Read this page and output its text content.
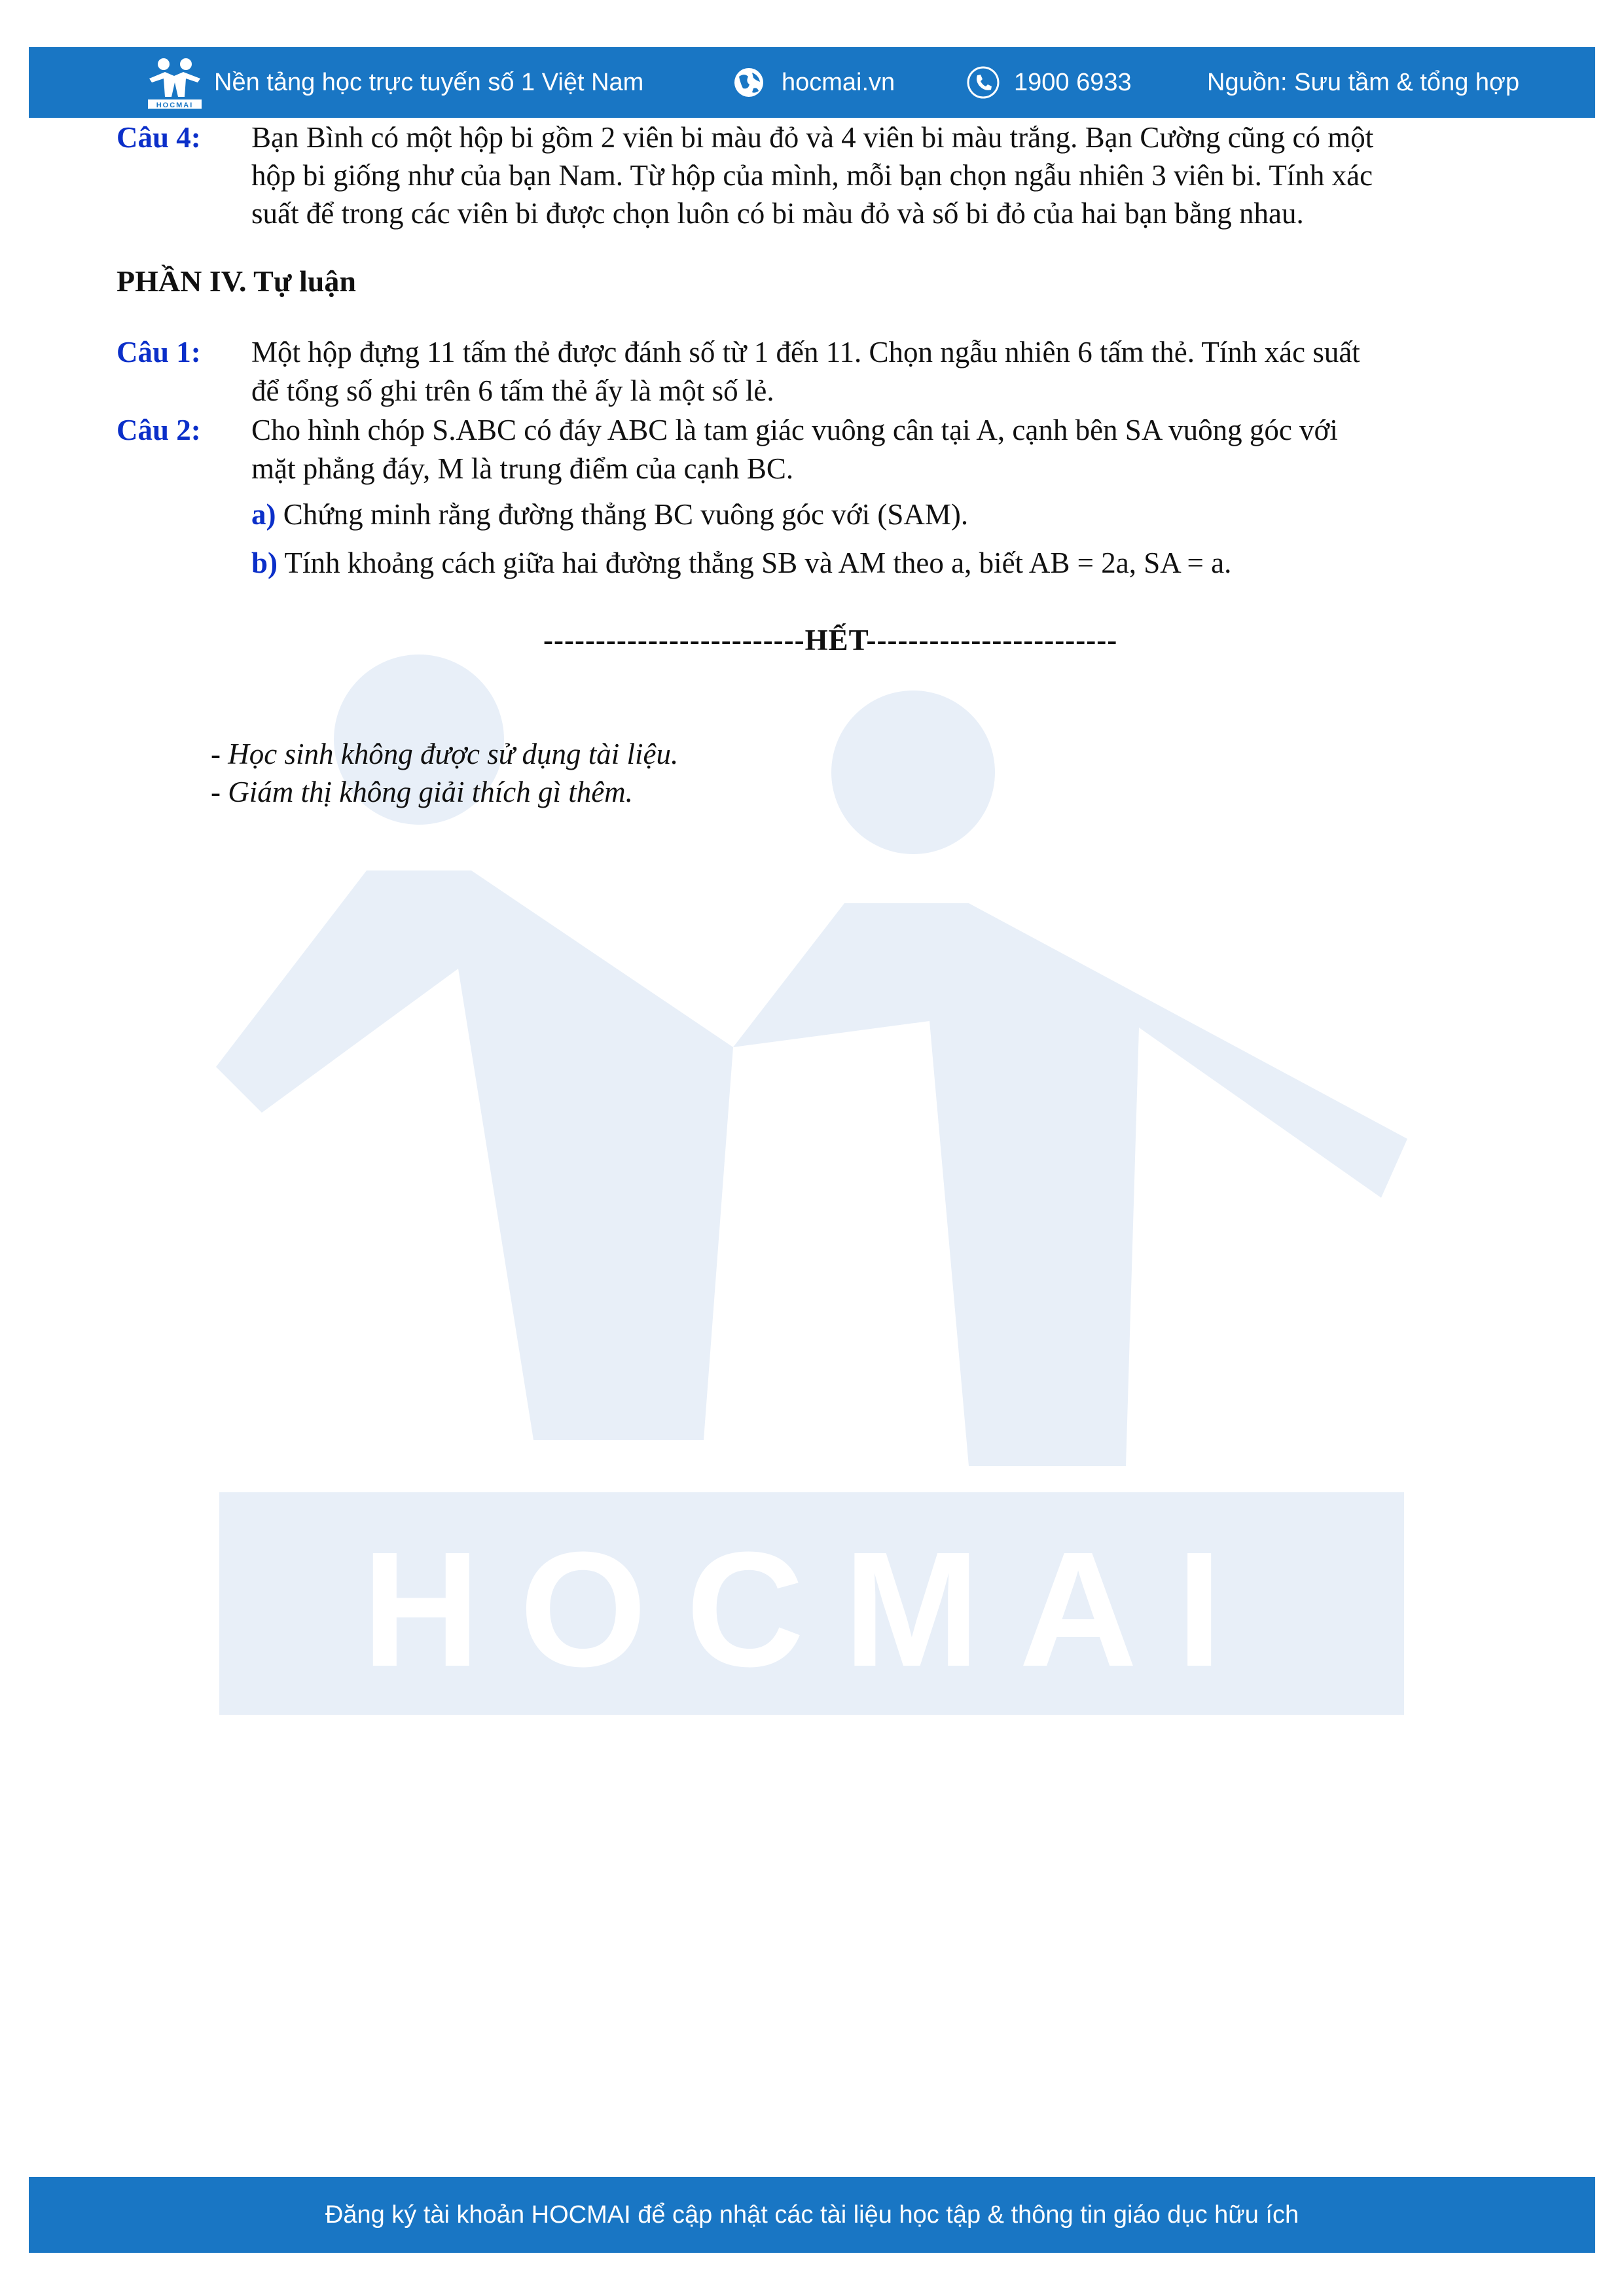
HOCMAI
HOCMAI
Nền tảng học trực tuyến số 1 Việt Nam	hocmai.vn	1900 6933	Nguồn: Sưu tầm & tổng hợp
Câu 4: Bạn Bình có một hộp bi gồm 2 viên bi màu đỏ và 4 viên bi màu trắng. Bạn Cường cũng có một
hộp bi giống như của bạn Nam. Từ hộp của mình, mỗi bạn chọn ngẫu nhiên 3 viên bi. Tính xác
suất để trong các viên bi được chọn luôn có bi màu đỏ và số bi đỏ của hai bạn bằng nhau.
PHẦN IV. Tự luận
Câu 1: Một hộp đựng 11 tấm thẻ được đánh số từ 1 đến 11. Chọn ngẫu nhiên 6 tấm thẻ. Tính xác suất
để tổng số ghi trên 6 tấm thẻ ấy là một số lẻ.
Câu 2: Cho hình chóp S.ABC có đáy ABC là tam giác vuông cân tại A, cạnh bên SA vuông góc với
mặt phẳng đáy, M là trung điểm của cạnh BC.
a) Chứng minh rằng đường thẳng BC vuông góc với (SAM).
b) Tính khoảng cách giữa hai đường thẳng SB và AM theo a, biết AB = 2a, SA = a.
-------------------------HẾT------------------------
- Học sinh không được sử dụng tài liệu.
- Giám thị không giải thích gì thêm.
Đăng ký tài khoản HOCMAI để cập nhật các tài liệu học tập & thông tin giáo dục hữu ích
